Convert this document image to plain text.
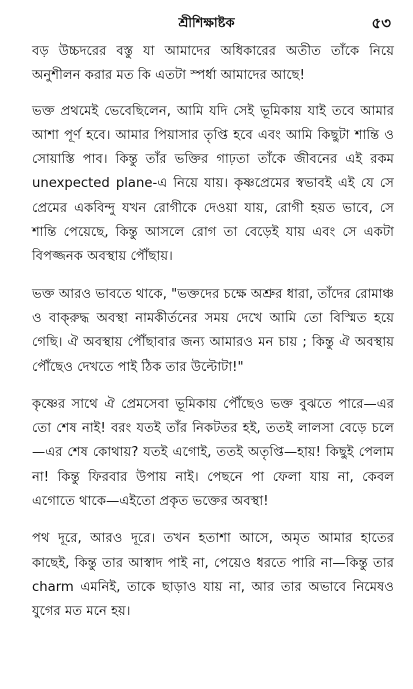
শ্রীশিক্ষাষ্টক	৫৩

বড় উচ্চদরের বস্তু যা আমাদের অধিকারের অতীত তাঁকে নিয়ে অনুশীলন করার মত কি এতটা স্পর্ধা আমাদের আছে!

ভক্ত প্রথমেই ভেবেছিলেন, আমি যদি সেই ভূমিকায় যাই তবে আমার আশা পূর্ণ হবে। আমার পিয়াসার তৃপ্তি হবে এবং আমি কিছুটা শান্তি ও সোয়াস্তি পাব। কিন্তু তাঁর ভক্তির গাঢ়তা তাঁকে জীবনের এই রকম unexpected plane-এ নিয়ে যায়। কৃষ্ণপ্রেমের স্বভাবই এই যে সে প্রেমের একবিন্দু যখন রোগীকে দেওয়া যায়, রোগী হয়ত ভাবে, সে শান্তি পেয়েছে, কিন্তু আসলে রোগ তা বেড়েই যায় এবং সে একটা বিপজ্জনক অবস্থায় পৌঁছায়।

ভক্ত আরও ভাবতে থাকে, "ভক্তদের চক্ষে অশ্রুর ধারা, তাঁদের রোমাঞ্চ ও বাক্‌রুদ্ধ অবস্থা নামকীর্তনের সময় দেখে আমি তো বিস্মিত হয়ে গেছি। ঐ অবস্থায় পৌঁছাবার জন্য আমারও মন চায় ; কিন্তু ঐ অবস্থায় পৌঁছেও দেখতে পাই ঠিক তার উল্টোটা!"

কৃষ্ণের সাথে ঐ প্রেমসেবা ভূমিকায় পৌঁছেও ভক্ত বুঝতে পারে—এর তো শেষ নাই! বরং যতই তাঁর নিকটতর হই, ততই লালসা বেড়ে চলে—এর শেষ কোথায়? যতই এগোই, ততই অতৃপ্তি—হায়! কিছুই পেলাম না! কিন্তু ফিরবার উপায় নাই। পেছনে পা ফেলা যায় না, কেবল এগোতে থাকে—এইতো প্রকৃত ভক্তের অবস্থা!

পথ দূরে, আরও দূরে। তখন হতাশা আসে, অমৃত আমার হাতের কাছেই, কিন্তু তার আস্বাদ পাই না, পেয়েও ধরতে পারি না—কিন্তু তার charm এমনিই, তাকে ছাড়াও যায় না, আর তার অভাবে নিমেষও যুগের মত মনে হয়।
